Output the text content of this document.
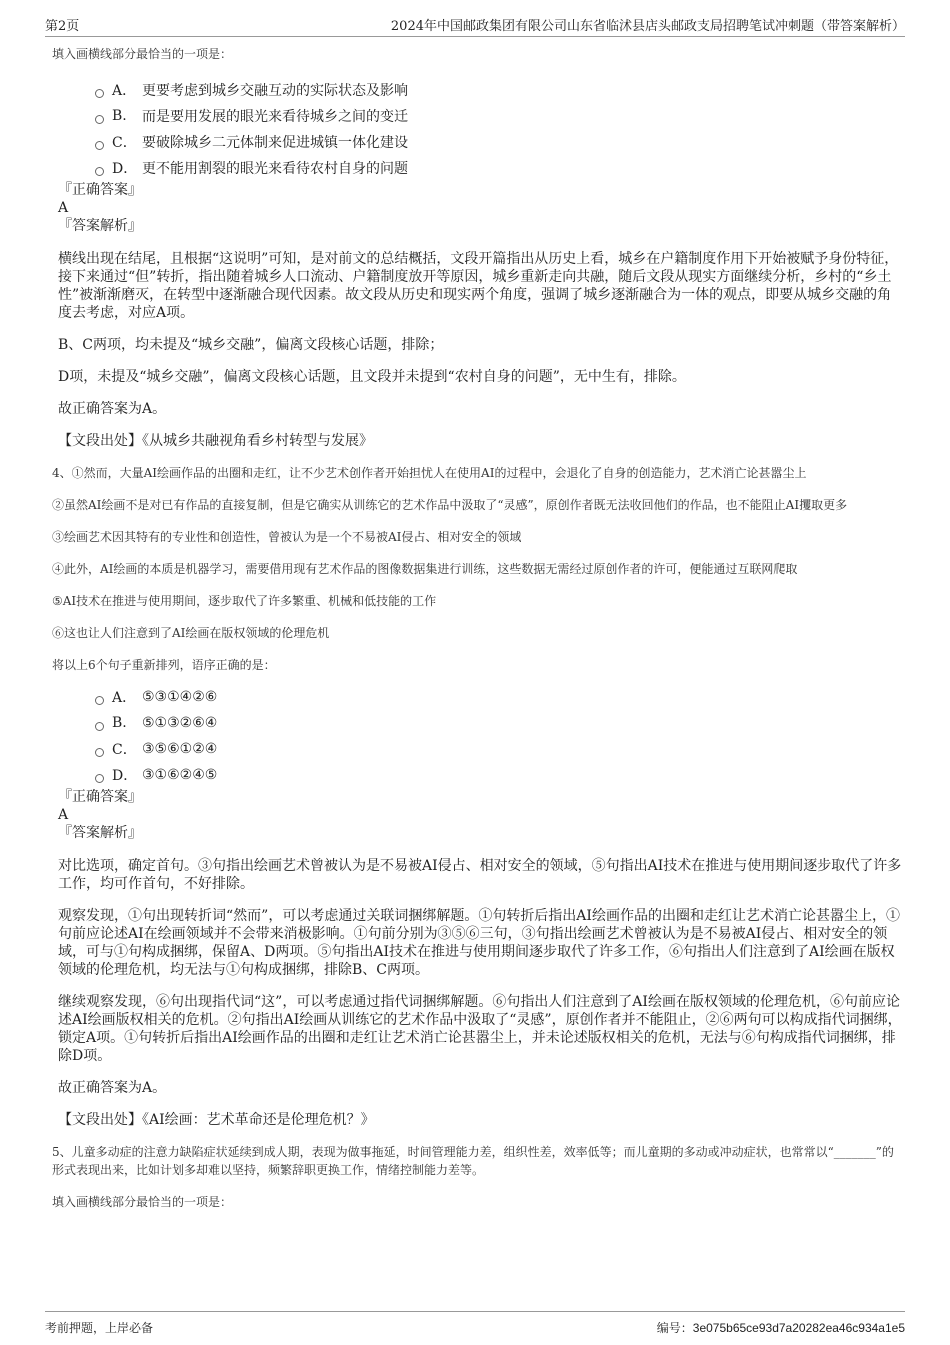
第2页	2024年中国邮政集团有限公司山东省临沭县店头邮政支局招聘笔试冲刺题（带答案解析）
填入画横线部分最恰当的一项是：
A． 更要考虑到城乡交融互动的实际状态及影响
B.	而是要用发展的眼光来看待城乡之间的变迁
C． 要破除城乡二元体制来促进城镇一体化建设
D． 更不能用割裂的眼光来看待农村自身的问题
『正确答案』
A
『答案解析』

横线出现在结尾，且根据“这说明”可知，是对前文的总结概括，文段开篇指出从历史上看，城乡在户籍制度作用下开始被赋予身份特征，接下来通过“但”转折，指出随着城乡人口流动、户籍制度放开等原因，城乡重新走向共融，随后文段从现实方面继续分析，乡村的“乡土性”被渐渐磨灭，在转型中逐渐融合现代因素。故文段从历史和现实两个角度，强调了城乡逐渐融合为一体的观点，即要从城乡交融的角度去考虑，对应A项。

B、C两项，均未提及“城乡交融”，偏离文段核心话题，排除；

D项，未提及“城乡交融”，偏离文段核心话题，且文段并未提到“农村自身的问题”，无中生有，排除。

故正确答案为A。

【文段出处】《从城乡共融视角看乡村转型与发展》

4、①然而，大量AI绘画作品的出圈和走红，让不少艺术创作者开始担忧人在使用AI的过程中，会退化了自身的创造能力，艺术消亡论甚嚣尘上
②虽然AI绘画不是对已有作品的直接复制，但是它确实从训练它的艺术作品中汲取了“灵感”，原创作者既无法收回他们的作品，也不能阻止AI攫取更多
③绘画艺术因其特有的专业性和创造性，曾被认为是一个不易被AI侵占、相对安全的领域
④此外，AI绘画的本质是机器学习，需要借用现有艺术作品的图像数据集进行训练，这些数据无需经过原创作者的许可，便能通过互联网爬取
⑤AI技术在推进与使用期间，逐步取代了许多繁重、机械和低技能的工作
⑥这也让人们注意到了AI绘画在版权领域的伦理危机
将以上6个句子重新排列，语序正确的是：
A． ⑤③①④②⑥
B.	⑤①③②⑥④
C． ③⑤⑥①②④
D． ③①⑥②④⑤
『正确答案』
A
『答案解析』

对比选项，确定首句。③句指出绘画艺术曾被认为是不易被AI侵占、相对安全的领域，⑤句指出AI技术在推进与使用期间逐步取代了许多工作，均可作首句，不好排除。

观察发现，①句出现转折词“然而”，可以考虑通过关联词捆绑解题。①句转折后指出AI绘画作品的出圈和走红让艺术消亡论甚嚣尘上，①句前应论述AI在绘画领域并不会带来消极影响。①句前分别为③⑤⑥三句，③句指出绘画艺术曾被认为是不易被AI侵占、相对安全的领域，可与①句构成捆绑，保留A、D两项。⑤句指出AI技术在推进与使用期间逐步取代了许多工作，⑥句指出人们注意到了AI绘画在版权领域的伦理危机，均无法与①句构成捆绑，排除B、C两项。

继续观察发现，⑥句出现指代词“这”，可以考虑通过指代词捆绑解题。⑥句指出人们注意到了AI绘画在版权领域的伦理危机，⑥句前应论述AI绘画版权相关的危机。②句指出AI绘画从训练它的艺术作品中汲取了“灵感”，原创作者并不能阻止，②⑥两句可以构成指代词捆绑，锁定A项。①句转折后指出AI绘画作品的出圈和走红让艺术消亡论甚嚣尘上，并未论述版权相关的危机，无法与⑥句构成指代词捆绑，排除D项。

故正确答案为A。

【文段出处】《AI绘画：艺术革命还是伦理危机？》

5、儿童多动症的注意力缺陷症状延续到成人期，表现为做事拖延，时间管理能力差，组织性差，效率低等；而儿童期的多动或冲动症状，也常常以“_______”的形式表现出来，比如计划多却难以坚持，频繁辞职更换工作，情绪控制能力差等。
填入画横线部分最恰当的一项是：
考前押题，上岸必备	编号：3e075b65ce93d7a20282ea46c934a1e5
